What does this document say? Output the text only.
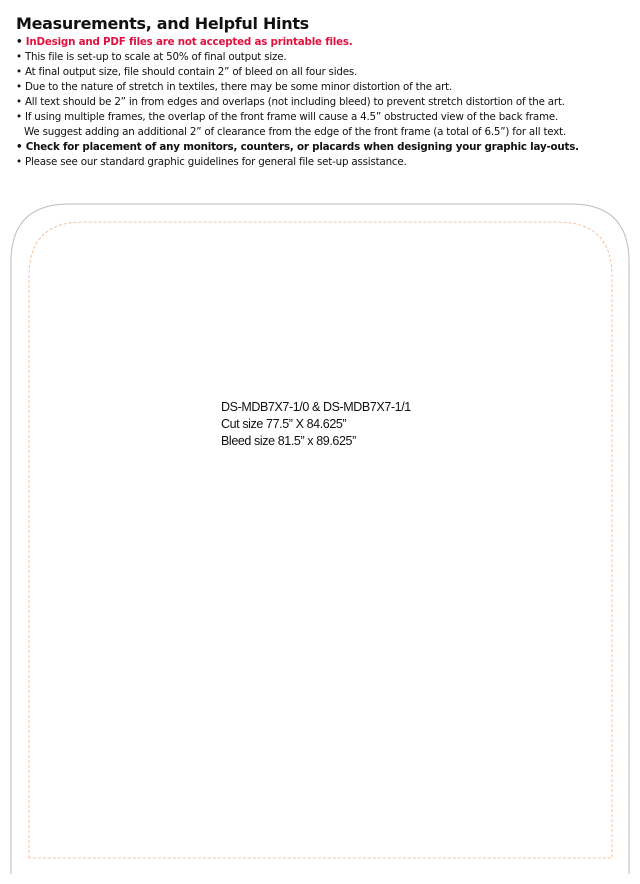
Measurements, and Helpful Hints
• InDesign and PDF files are not accepted as printable files.
• This file is set-up to scale at 50% of final output size.
• At final output size, file should contain 2” of bleed on all four sides.
• Due to the nature of stretch in textiles, there may be some minor distortion of the art.
• All text should be 2” in from edges and overlaps (not including bleed) to prevent stretch distortion of the art.
• If using multiple frames, the overlap of the front frame will cause a 4.5” obstructed view of the back frame.
We suggest adding an additional 2” of clearance from the edge of the front frame (a total of 6.5”) for all text.
• Check for placement of any monitors, counters, or placards when designing your graphic lay-outs.
• Please see our standard graphic guidelines for general file set-up assistance.
DS-MDB7X7-1/0 & DS-MDB7X7-1/1
Cut size 77.5” X 84.625”
Bleed size 81.5” x 89.625”
